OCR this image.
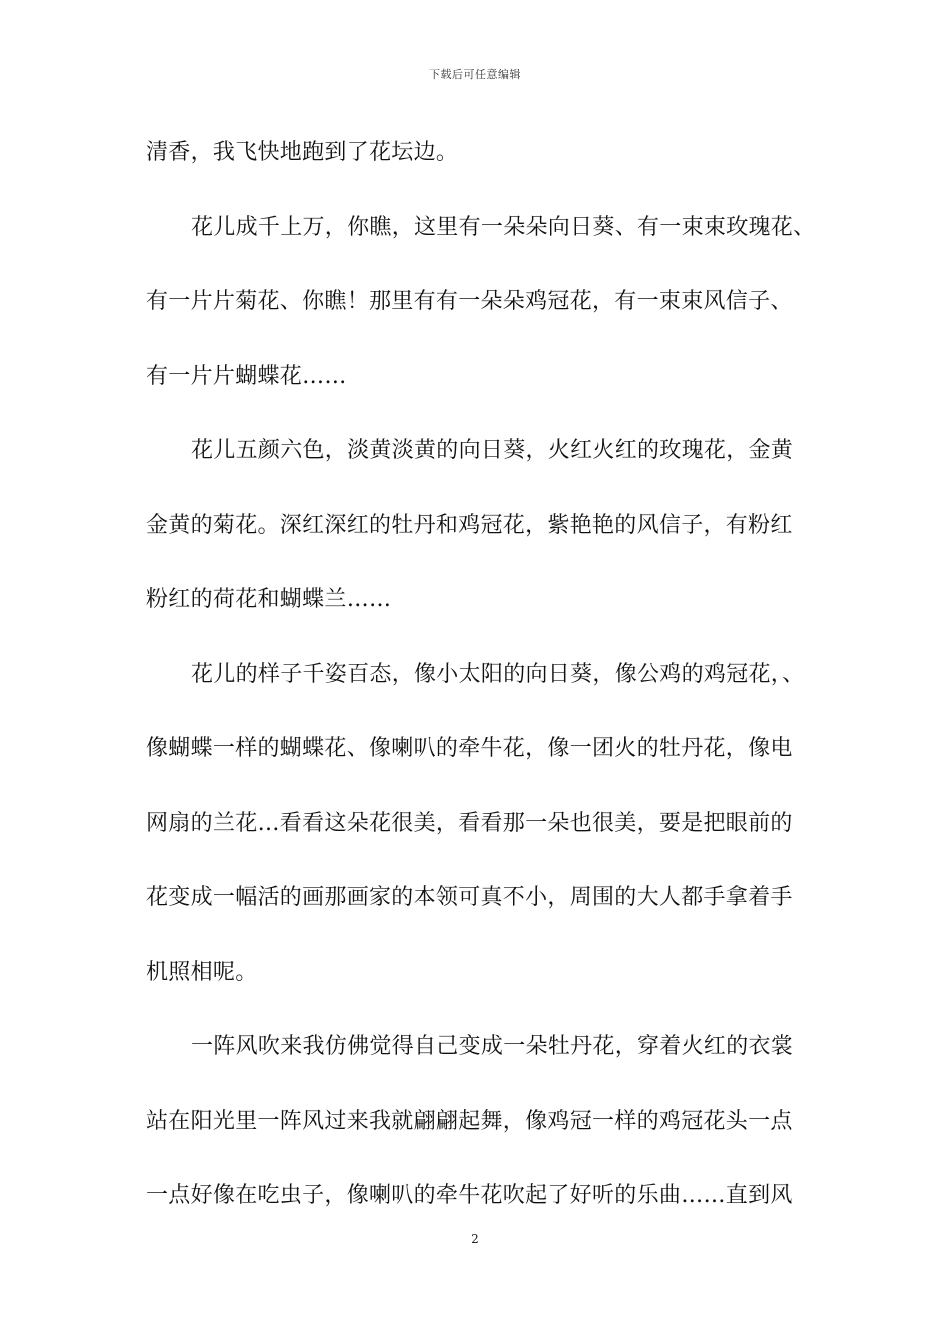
下载后可任意编辑
清香，我飞快地跑到了花坛边。
花儿成千上万，你瞧，这里有一朵朵向日葵、有一束束玫瑰花、
有一片片菊花、你瞧！那里有有一朵朵鸡冠花，有一束束风信子、
有一片片蝴蝶花……
花儿五颜六色，淡黄淡黄的向日葵，火红火红的玫瑰花，金黄
金黄的菊花。深红深红的牡丹和鸡冠花，紫艳艳的风信子，有粉红
粉红的荷花和蝴蝶兰……
花儿的样子千姿百态，像小太阳的向日葵，像公鸡的鸡冠花，、
像蝴蝶一样的蝴蝶花、像喇叭的牵牛花，像一团火的牡丹花，像电
网扇的兰花…看看这朵花很美，看看那一朵也很美，要是把眼前的
花变成一幅活的画那画家的本领可真不小，周围的大人都手拿着手
机照相呢。
一阵风吹来我仿佛觉得自己变成一朵牡丹花，穿着火红的衣裳
站在阳光里一阵风过来我就翩翩起舞，像鸡冠一样的鸡冠花头一点
一点好像在吃虫子，像喇叭的牵牛花吹起了好听的乐曲……直到风
2
